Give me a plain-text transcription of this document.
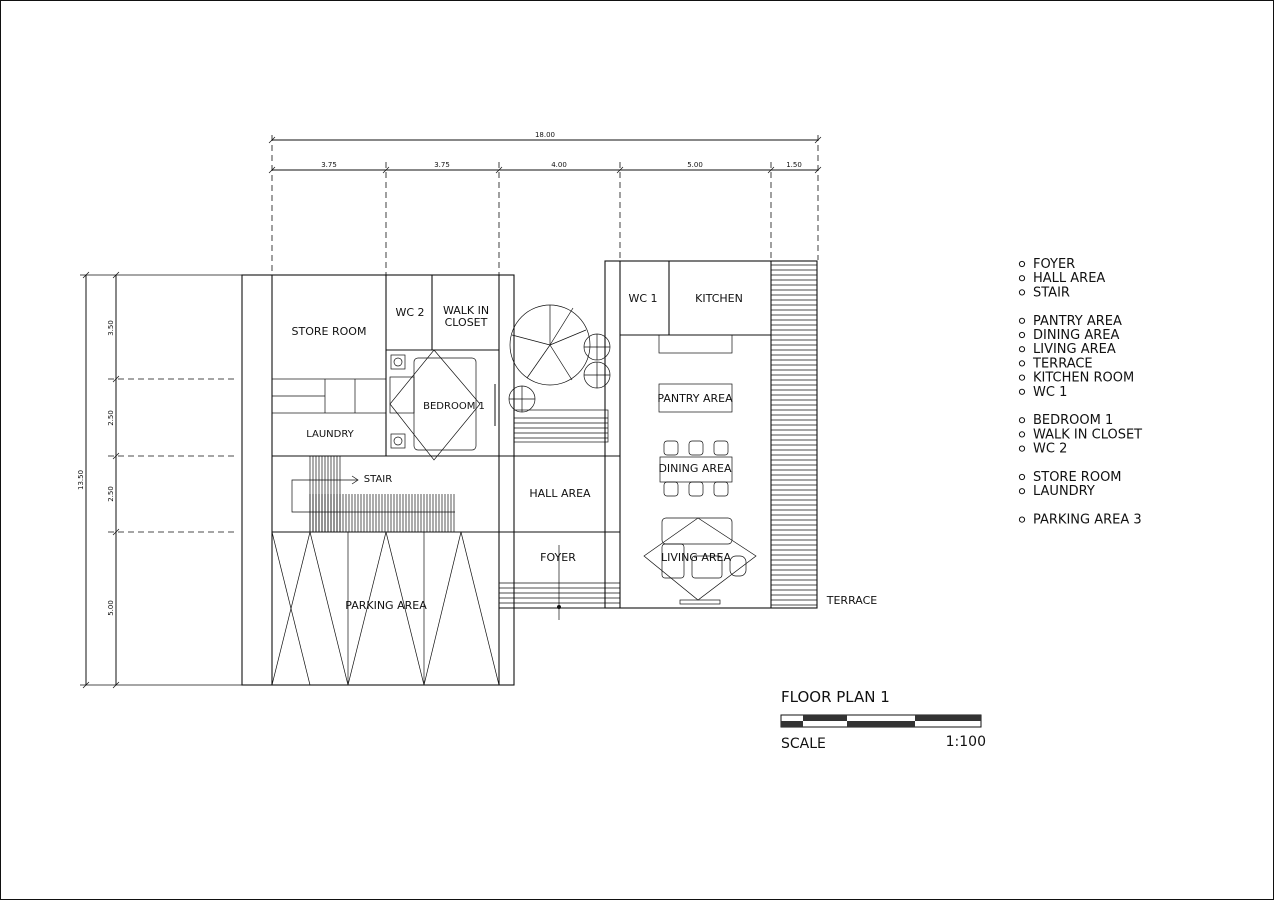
18.00
3.75	3.75	4.00	5.00	1.50
13.50
3.50
2.50
2.50
5.00
STORE ROOM
WC 2 WALK IN
CLOSET
BEDROOM 1
LAUNDRY
STAIR
HALL AREA
FOYER
PARKING AREA
WC 1	KITCHEN
PANTRY AREA
DINING AREA
LIVING AREA
TERRACE
FOYER
HALL AREA
STAIR
PANTRY AREA
DINING AREA
LIVING AREA
TERRACE
KITCHEN ROOM
WC 1
BEDROOM 1
WALK IN CLOSET
WC 2
STORE ROOM
LAUNDRY
PARKING AREA 3
FLOOR PLAN 1
SCALE	1:100
